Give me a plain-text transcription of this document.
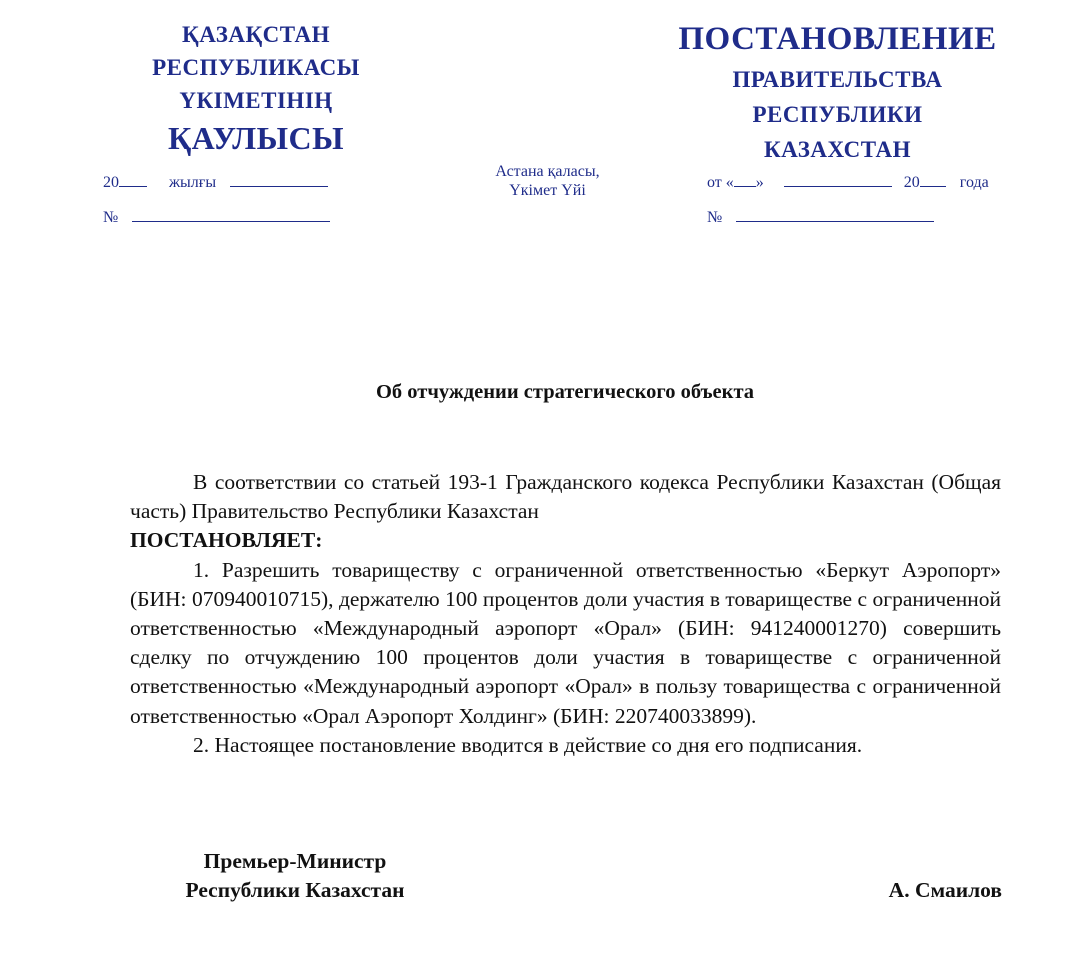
ҚАЗАҚСТАН
РЕСПУБЛИКАСЫ
ҮКІМЕТІНІҢ
ҚАУЛЫСЫ
ПОСТАНОВЛЕНИЕ
ПРАВИТЕЛЬСТВА
РЕСПУБЛИКИ
КАЗАХСТАН
20	жылғы
№
Астана қаласы,
Үкімет Үйі	от « »	20	года
№
Об отчуждении стратегического объекта

В соответствии со статьей 193-1 Гражданского кодекса Республики Казахстан (Общая часть) Правительство Республики Казахстан

ПОСТАНОВЛЯЕТ:

1. Разрешить товариществу с ограниченной ответственностью «Беркут Аэропорт» (БИН: 070940010715), держателю 100 процентов доли участия в товариществе с ограниченной ответственностью «Международный аэропорт «Орал» (БИН: 941240001270) совершить сделку по отчуждению 100 процентов доли участия в товариществе с ограниченной ответственностью «Международный аэропорт «Орал» в пользу товарищества с ограниченной ответственностью «Орал Аэропорт Холдинг» (БИН: 220740033899).

2. Настоящее постановление вводится в действие со дня его подписания.

Премьер-Министр
Республики Казахстан	А. Смаилов
